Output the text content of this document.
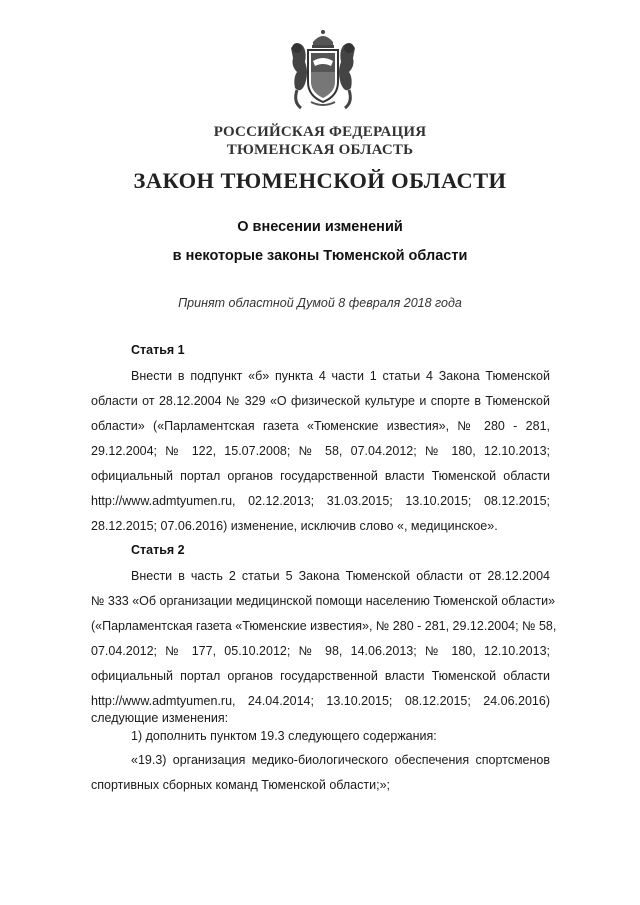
РОССИЙСКАЯ ФЕДЕРАЦИЯ
ТЮМЕНСКАЯ ОБЛАСТЬ
ЗАКОН ТЮМЕНСКОЙ ОБЛАСТИ
О внесении изменений
в некоторые законы Тюменской области
Принят областной Думой 8 февраля 2018 года
Статья 1
Внести в подпункт «б» пункта 4 части 1 статьи 4 Закона Тюменской
области от 28.12.2004 № 329 «О физической культуре и спорте в Тюменской
области» («Парламентская газета «Тюменские известия», № 280 - 281,
29.12.2004; № 122, 15.07.2008; № 58, 07.04.2012; № 180, 12.10.2013;
официальный портал органов государственной власти Тюменской области
http://www.admtyumen.ru, 02.12.2013; 31.03.2015; 13.10.2015; 08.12.2015;
28.12.2015; 07.06.2016) изменение, исключив слово «, медицинское».
Статья 2
Внести в часть 2 статьи 5 Закона Тюменской области от 28.12.2004
№ 333 «Об организации медицинской помощи населению Тюменской области»
(«Парламентская газета «Тюменские известия», № 280 - 281, 29.12.2004; № 58,
07.04.2012; № 177, 05.10.2012; № 98, 14.06.2013; № 180, 12.10.2013;
официальный портал органов государственной власти Тюменской области
http://www.admtyumen.ru, 24.04.2014; 13.10.2015; 08.12.2015; 24.06.2016)
следующие изменения:
1) дополнить пунктом 19.3 следующего содержания:
«19.3) организация медико-биологического обеспечения спортсменов
спортивных сборных команд Тюменской области;»;
